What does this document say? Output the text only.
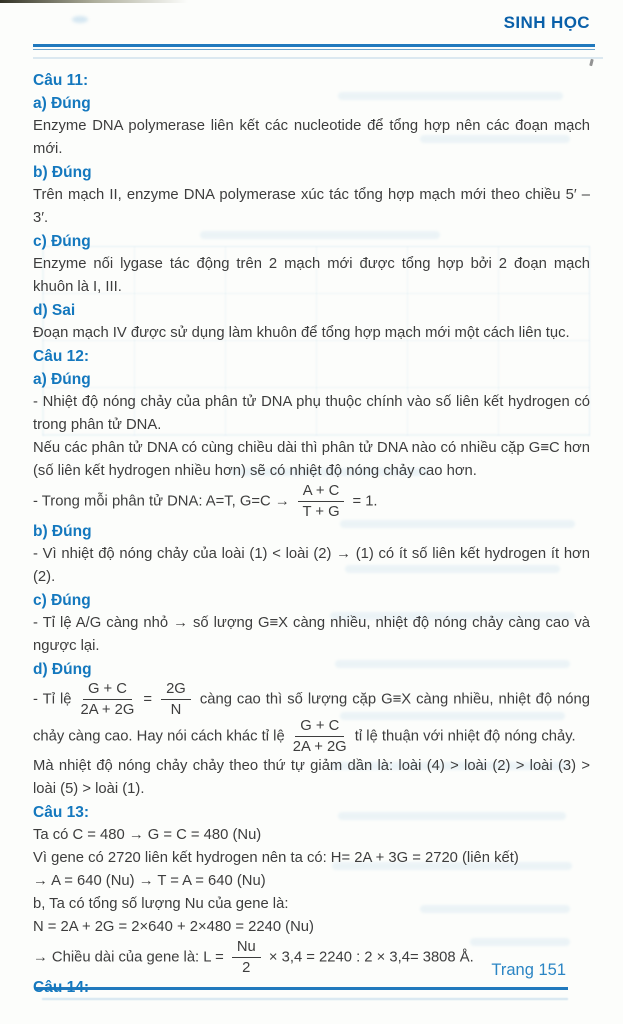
SINH HỌC
Câu 11:
a) Đúng

Enzyme DNA polymerase liên kết các nucleotide để tổng hợp nên các đoạn mạch mới.

b) Đúng

Trên mạch II, enzyme DNA polymerase xúc tác tổng hợp mạch mới theo chiều 5′ – 3′.

c) Đúng

Enzyme nối lygase tác động trên 2 mạch mới được tổng hợp bởi 2 đoạn mạch khuôn là I, III.

d) Sai

Đoạn mạch IV được sử dụng làm khuôn để tổng hợp mạch mới một cách liên tục.

Câu 12:
a) Đúng

- Nhiệt độ nóng chảy của phân tử DNA phụ thuộc chính vào số liên kết hydrogen có trong phân tử DNA.

Nếu các phân tử DNA có cùng chiều dài thì phân tử DNA nào có nhiều cặp G≡C hơn (số liên kết hydrogen nhiều hơn) sẽ có nhiệt độ nóng chảy cao hơn.

- Trong mỗi phân tử DNA: A=T, $G=C \to \frac{A + C}{T + G} = 1$.

b) Đúng

- Vì nhiệt độ nóng chảy của loài (1) < loài (2) → (1) có ít số liên kết hydrogen ít hơn (2).

c) Đúng

- Tỉ lệ A/G càng nhỏ → số lượng G≡X càng nhiều, nhiệt độ nóng chảy càng cao và ngược lại.

d) Đúng

- Tỉ lệ $\frac{G + C}{2A + 2G} = \frac{2G}{N}$ càng cao thì số lượng cặp G≡X càng nhiều, nhiệt độ nóng chảy càng cao. Hay nói cách khác tỉ lệ $\frac{G + C}{2A + 2G}$ tỉ lệ thuận với nhiệt độ nóng chảy.

Mà nhiệt độ nóng chảy chảy theo thứ tự giảm dần là: loài (4) > loài (2) > loài (3) > loài (5) > loài (1).

Câu 13:

Ta có C = 480 → G = C = 480 (Nu)

Vì gene có 2720 liên kết hydrogen nên ta có: H= 2A + 3G = 2720 (liên kết)

→ A = 640 (Nu) → T = A = 640 (Nu)

b, Ta có tổng số lượng Nu của gene là:

N = 2A + 2G = 2×640 + 2×480 = 2240 (Nu)

→ Chiều dài của gene là: $L = \frac{Nu}{2} \times 3,4 = 2240$ : 2 × 3,4= 3808 Å.

Câu 14:
Trang 151
